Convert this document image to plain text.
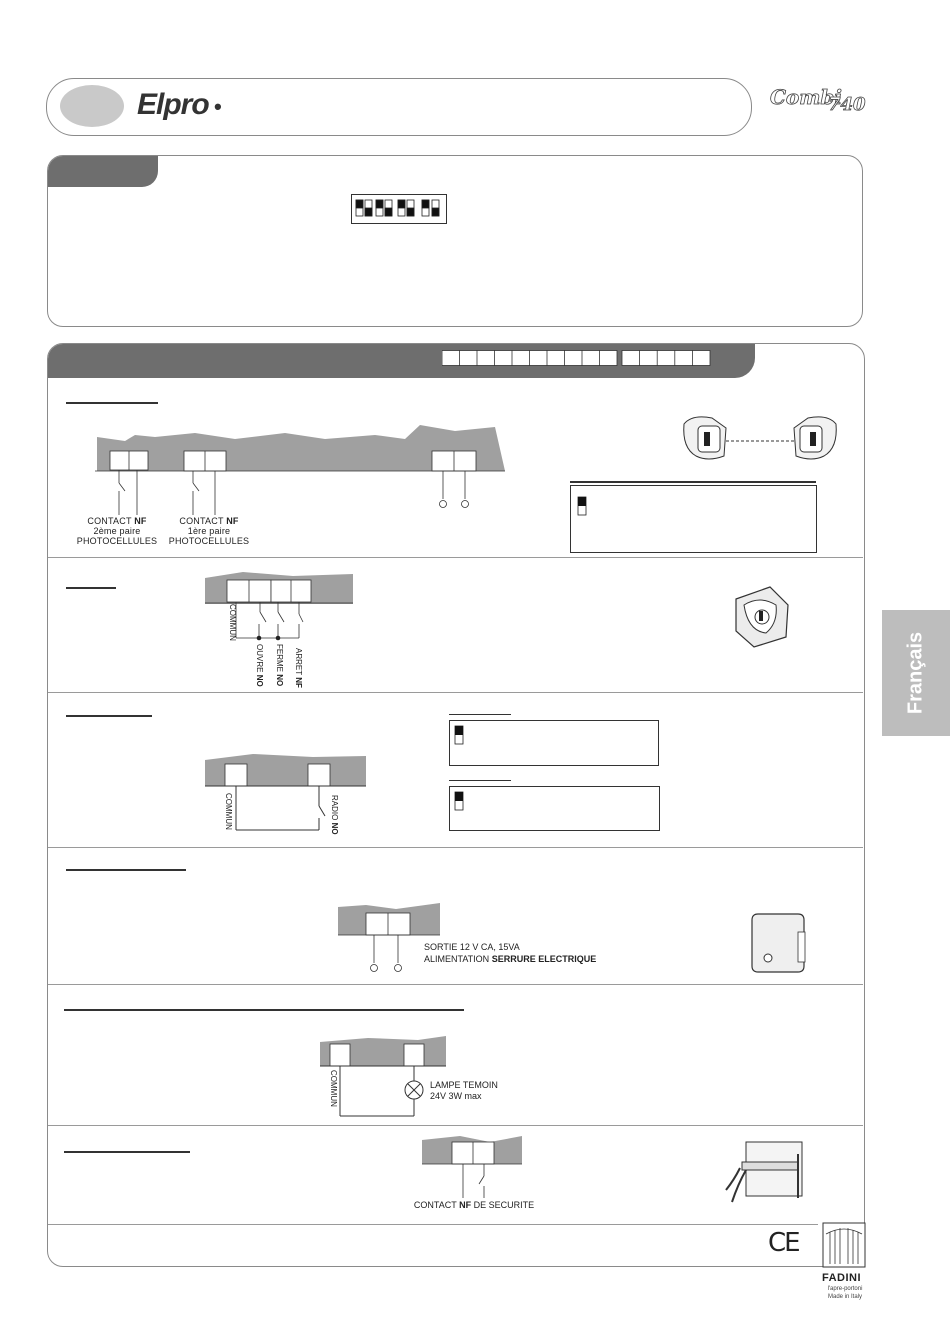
Elpro •	Combi
740
CONTACT NF
2ème paire
PHOTOCELLULES
CONTACT NF
1ère paire
PHOTOCELLULES
COMMUN
OUVRE NO
FERME NO
ARRET NF
COMMUN	RADIO NO
SORTIE 12 V CA, 15VA
ALIMENTATION SERRURE ELECTRIQUE
COMMUN	LAMPE TEMOIN
24V 3W max
CONTACT NF DE SECURITE
Français
CE
FADINI
l'apre-portoni
Made in Italy
